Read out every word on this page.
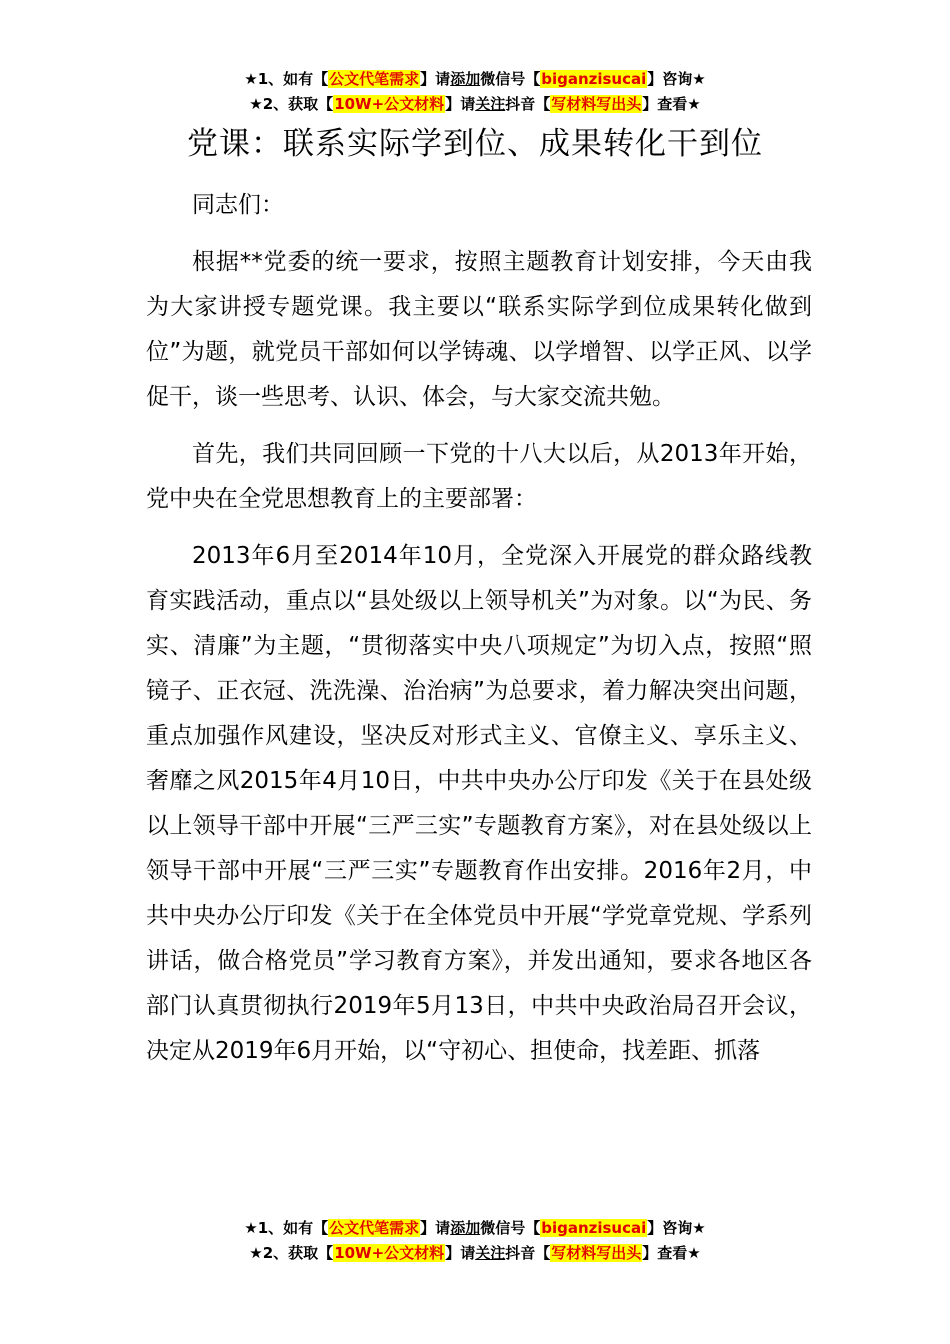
★1、如有【公文代笔需求】请添加微信号【biganzisucai】咨询★
★2、获取【10W+公文材料】请关注抖音【写材料写出头】查看★
党课：联系实际学到位、成果转化干到位

同志们：

根据**党委的统一要求，按照主题教育计划安排，今天由我为大家讲授专题党课。我主要以“联系实际学到位成果转化做到位”为题，就党员干部如何以学铸魂、以学增智、以学正风、以学促干，谈一些思考、认识、体会，与大家交流共勉。

首先，我们共同回顾一下党的十八大以后，从2013年开始，党中央在全党思想教育上的主要部署：

2013年6月至2014年10月，全党深入开展党的群众路线教育实践活动，重点以“县处级以上领导机关”为对象。以“为民、务实、清廉”为主题，“贯彻落实中央八项规定”为切入点，按照“照镜子、正衣冠、洗洗澡、治治病”为总要求，着力解决突出问题，重点加强作风建设，坚决反对形式主义、官僚主义、享乐主义、奢靡之风2015年4月10日，中共中央办公厅印发《关于在县处级以上领导干部中开展“三严三实”专题教育方案》，对在县处级以上领导干部中开展“三严三实”专题教育作出安排。2016年2月，中共中央办公厅印发《关于在全体党员中开展“学党章党规、学系列讲话，做合格党员”学习教育方案》，并发出通知，要求各地区各部门认真贯彻执行2019年5月13日，中共中央政治局召开会议，决定从2019年6月开始，以“守初心、担使命，找差距、抓落

★1、如有【公文代笔需求】请添加微信号【biganzisucai】咨询★
★2、获取【10W+公文材料】请关注抖音【写材料写出头】查看★
